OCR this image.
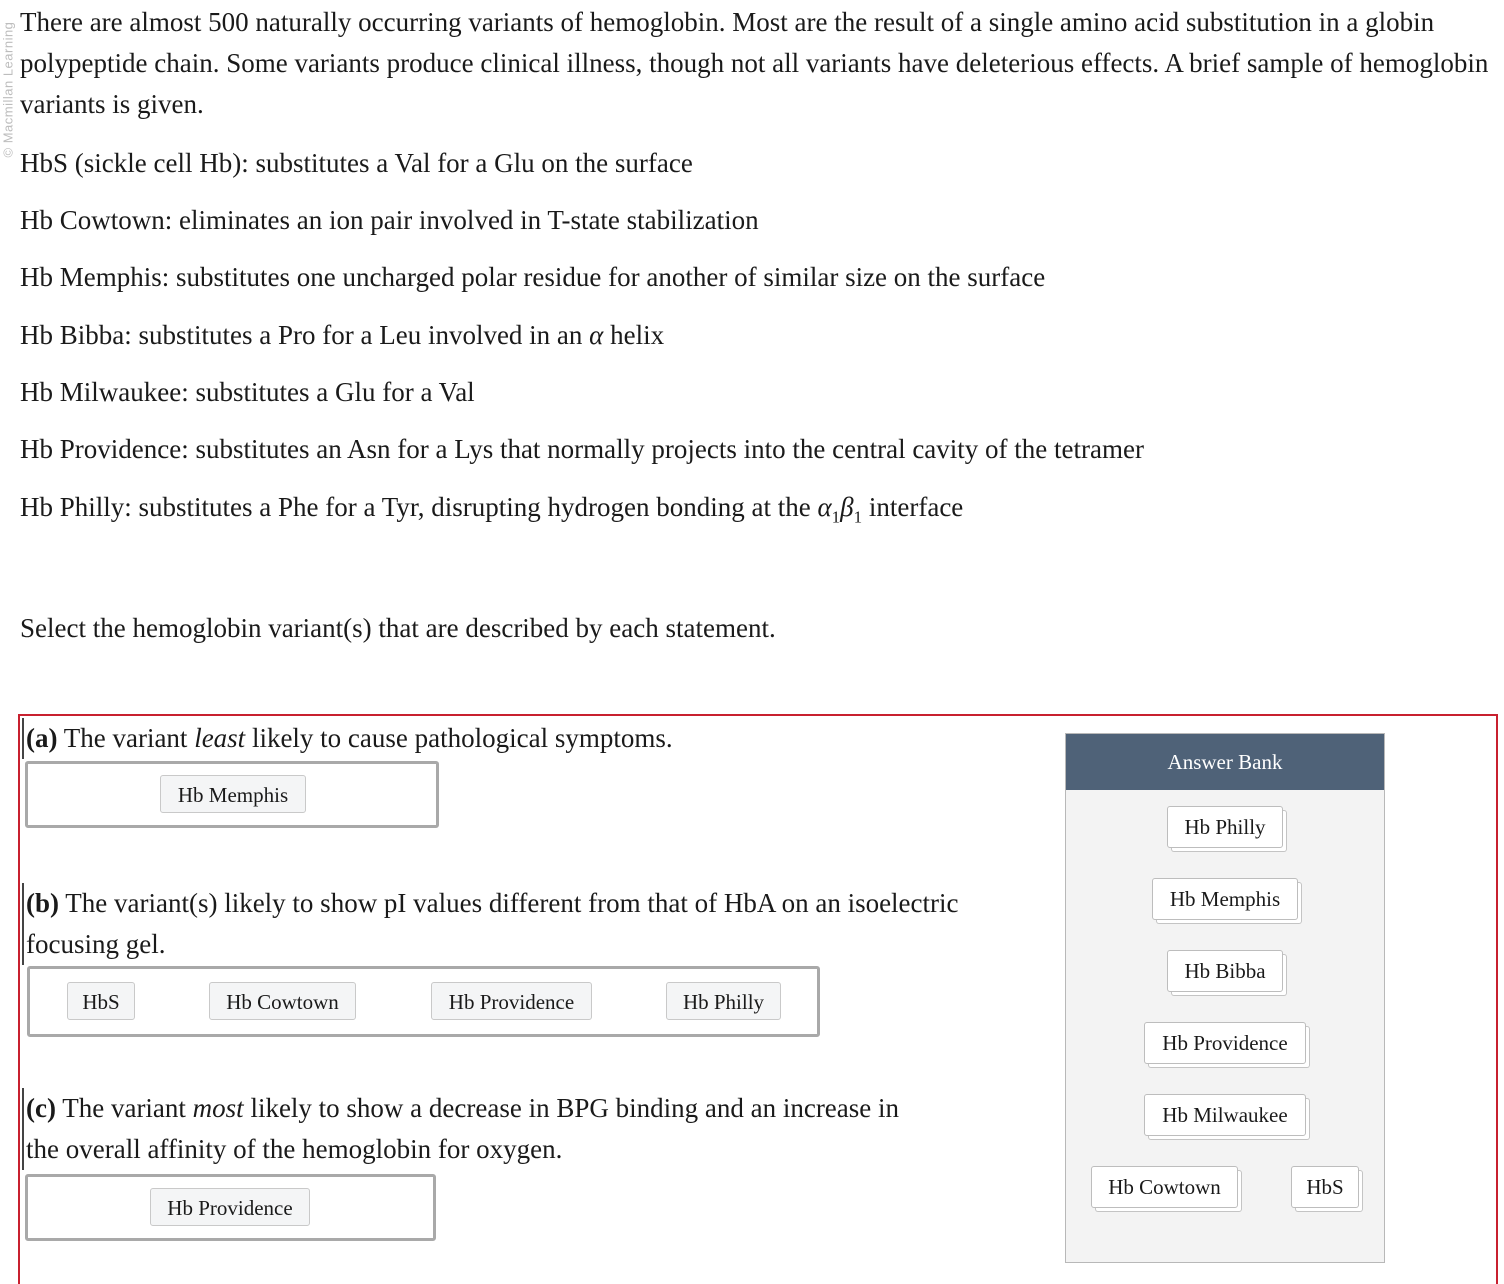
© Macmillan Learning There are almost 500 naturally occurring variants of hemoglobin. Most are the result of a single amino acid substitution in a globin polypeptide chain. Some variants produce clinical illness, though not all variants have deleterious effects. A brief sample of hemoglobin variants is given.

HbS (sickle cell Hb): substitutes a Val for a Glu on the surface
Hb Cowtown: eliminates an ion pair involved in T-state stabilization
Hb Memphis: substitutes one uncharged polar residue for another of similar size on the surface
Hb Bibba: substitutes a Pro for a Leu involved in an α helix
Hb Milwaukee: substitutes a Glu for a Val
Hb Providence: substitutes an Asn for a Lys that normally projects into the central cavity of the tetramer
Hb Philly: substitutes a Phe for a Tyr, disrupting hydrogen bonding at the $\alpha_1\beta_1$ interface
Select the hemoglobin variant(s) that are described by each statement.
(a) The variant least likely to cause pathological symptoms.
Hb Memphis
(b) The variant(s) likely to show pI values different from that of HbA on an isoelectric
focusing gel.
HbS	Hb Cowtown	Hb Providence	Hb Philly
(c) The variant most likely to show a decrease in BPG binding and an increase in
the overall affinity of the hemoglobin for oxygen.
Hb Providence
Answer Bank
Hb Philly
Hb Memphis
Hb Bibba
Hb Providence
Hb Milwaukee
Hb Cowtown	HbS
